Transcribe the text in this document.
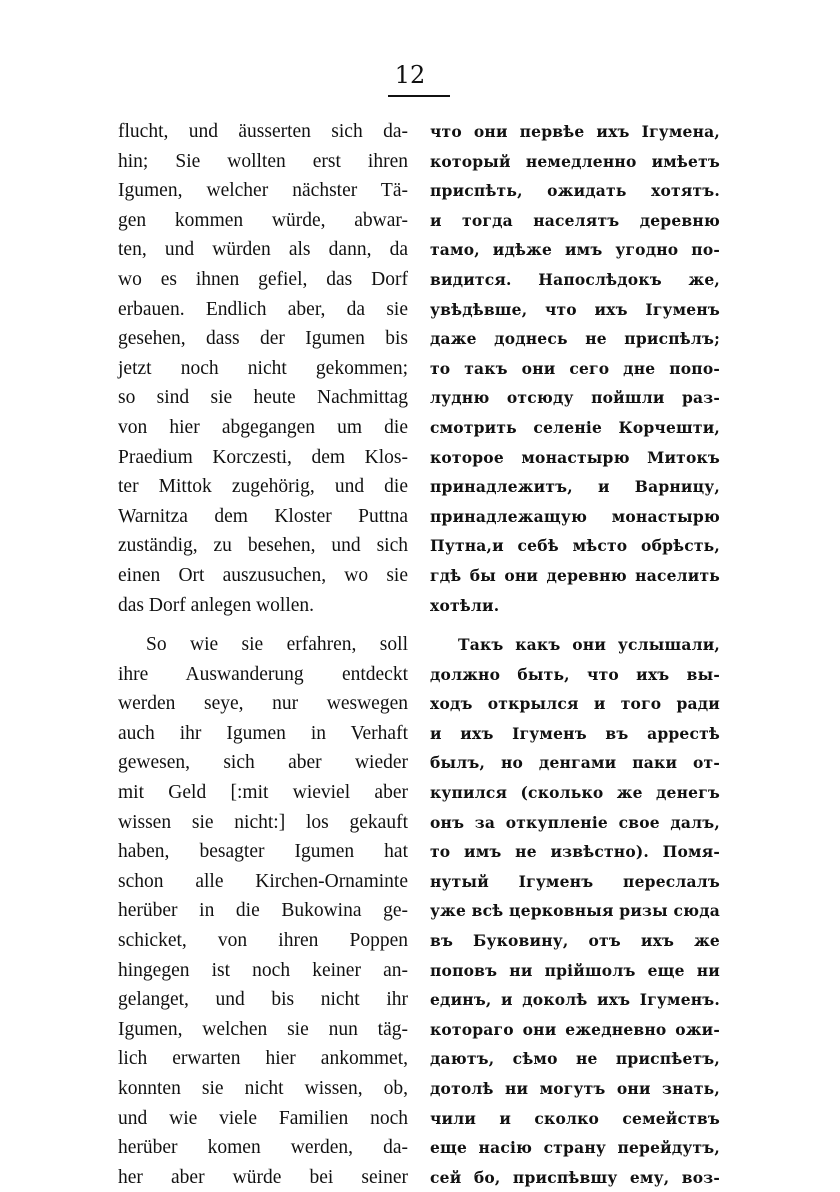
12
flucht, und äusserten sich da-
hin; Sie wollten erst ihren
Igumen, welcher nächster Tä-
gen kommen würde, abwar-
ten, und würden als dann, da
wo es ihnen gefiel, das Dorf
erbauen. Endlich aber, da sie
gesehen, dass der Igumen bis
jetzt noch nicht gekommen;
so sind sie heute Nachmittag
von hier abgegangen um die
Praedium Korczesti, dem Klos-
ter Mittok zugehörig, und die
Warnitza dem Kloster Puttna
zuständig, zu besehen, und sich
einen Ort auszusuchen, wo sie
das Dorf anlegen wollen.
So wie sie erfahren, soll
ihre Auswanderung entdeckt
werden seye, nur weswegen
auch ihr Igumen in Verhaft
gewesen, sich aber wieder
mit Geld [:mit wieviel aber
wissen sie nicht:] los gekauft
haben, besagter Igumen hat
schon alle Kirchen-Ornaminte
herüber in die Bukowina ge-
schicket, von ihren Poppen
hingegen ist noch keiner an-
gelanget, und bis nicht ihr
Igumen, welchen sie nun täg-
lich erwarten hier ankommet,
konnten sie nicht wissen, ob,
und wie viele Familien noch
herüber komen werden, da-
her aber würde bei seiner
что они первѣе ихъ Ігумена,
который немедленно имѣетъ
приспѣть, ожидать хотятъ.
и тогда населятъ деревню
тамо, идѣже имъ угодно по-
видится. Напослѣдокъ же,
увѣдѣвше, что ихъ Ігуменъ
даже доднесь не приспѣлъ;
то такъ они сего дне попо-
лудню отсюду пойшли раз-
смотрить селеніе Корчешти,
которое монастырю Митокъ
принадлежитъ, и Варницу,
принадлежащую монастырю
Путна,и себѣ мѣсто обрѣсть,
гдѣ бы они деревню населить
хотѣли.
Такъ какъ они услышали,
должно быть, что ихъ вы-
ходъ открылся и того ради
и ихъ Ігуменъ въ аррестѣ
былъ, но денгами паки от-
купился (сколько же денегъ
онъ за откупленіе свое далъ,
то имъ не извѣстно). Помя-
нутый Ігуменъ переслалъ
уже всѣ церковныя ризы сюда
въ Буковину, отъ ихъ же
поповъ ни прійшолъ еще ни
единъ, и доколѣ ихъ Ігуменъ.
котораго они ежедневно ожи-
даютъ, сѣмо не приспѣетъ,
дотолѣ ни могутъ они знать,
чили и сколко семействъ
еще насію страну перейдутъ,
сей бо, приспѣвшу ему, воз-
